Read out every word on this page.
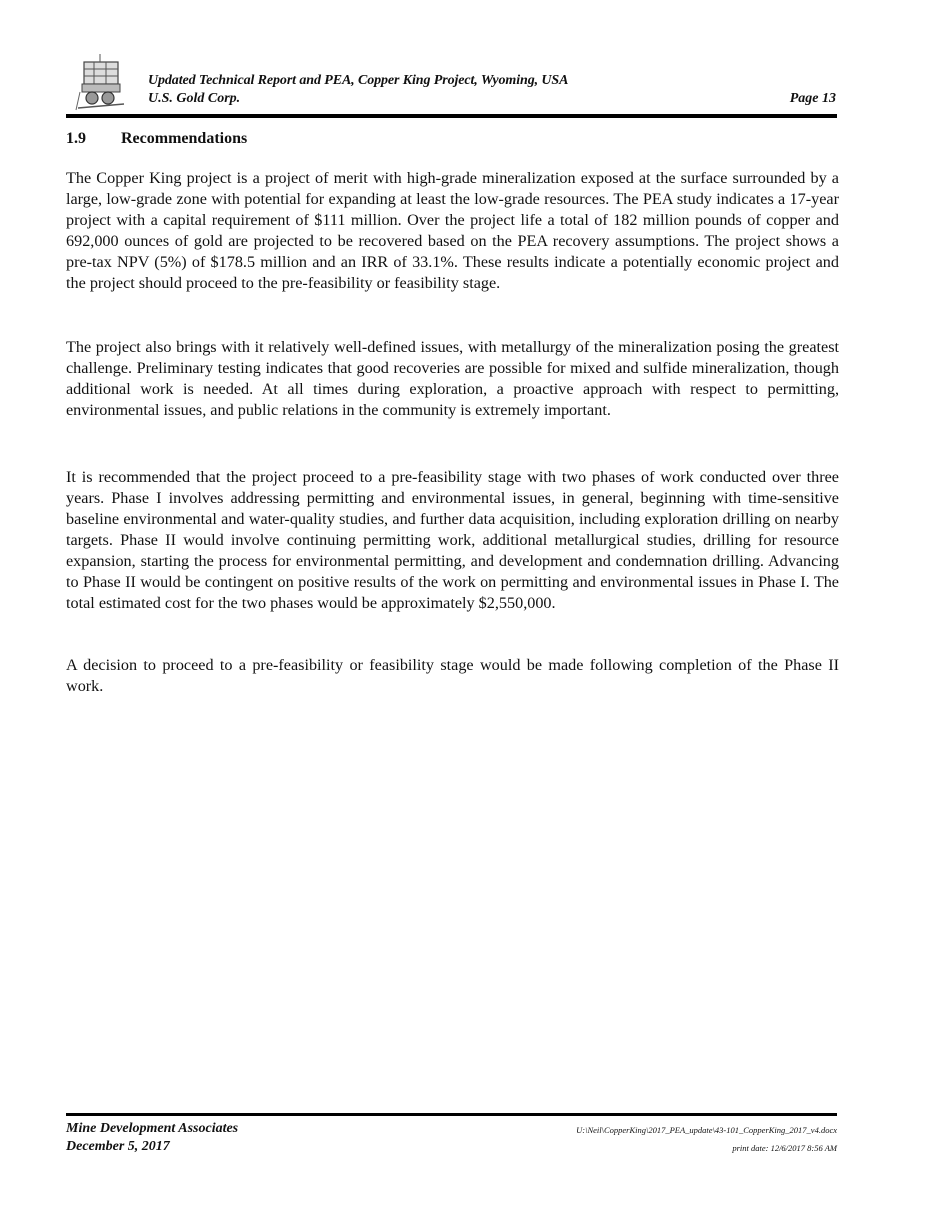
Updated Technical Report and PEA, Copper King Project, Wyoming, USA
U.S. Gold Corp.	Page 13
1.9 Recommendations

The Copper King project is a project of merit with high-grade mineralization exposed at the surface surrounded by a large, low-grade zone with potential for expanding at least the low-grade resources. The PEA study indicates a 17-year project with a capital requirement of $111 million. Over the project life a total of 182 million pounds of copper and 692,000 ounces of gold are projected to be recovered based on the PEA recovery assumptions. The project shows a pre-tax NPV (5%) of $178.5 million and an IRR of 33.1%. These results indicate a potentially economic project and the project should proceed to the pre-feasibility or feasibility stage.

The project also brings with it relatively well-defined issues, with metallurgy of the mineralization posing the greatest challenge. Preliminary testing indicates that good recoveries are possible for mixed and sulfide mineralization, though additional work is needed. At all times during exploration, a proactive approach with respect to permitting, environmental issues, and public relations in the community is extremely important.

It is recommended that the project proceed to a pre-feasibility stage with two phases of work conducted over three years. Phase I involves addressing permitting and environmental issues, in general, beginning with time-sensitive baseline environmental and water-quality studies, and further data acquisition, including exploration drilling on nearby targets. Phase II would involve continuing permitting work, additional metallurgical studies, drilling for resource expansion, starting the process for environmental permitting, and development and condemnation drilling. Advancing to Phase II would be contingent on positive results of the work on permitting and environmental issues in Phase I. The total estimated cost for the two phases would be approximately $2,550,000.

A decision to proceed to a pre-feasibility or feasibility stage would be made following completion of the Phase II work.

Mine Development Associates
December 5, 2017
U:\Neil\CopperKing\2017_PEA_update\43-101_CopperKing_2017_v4.docx
print date: 12/6/2017 8:56 AM
